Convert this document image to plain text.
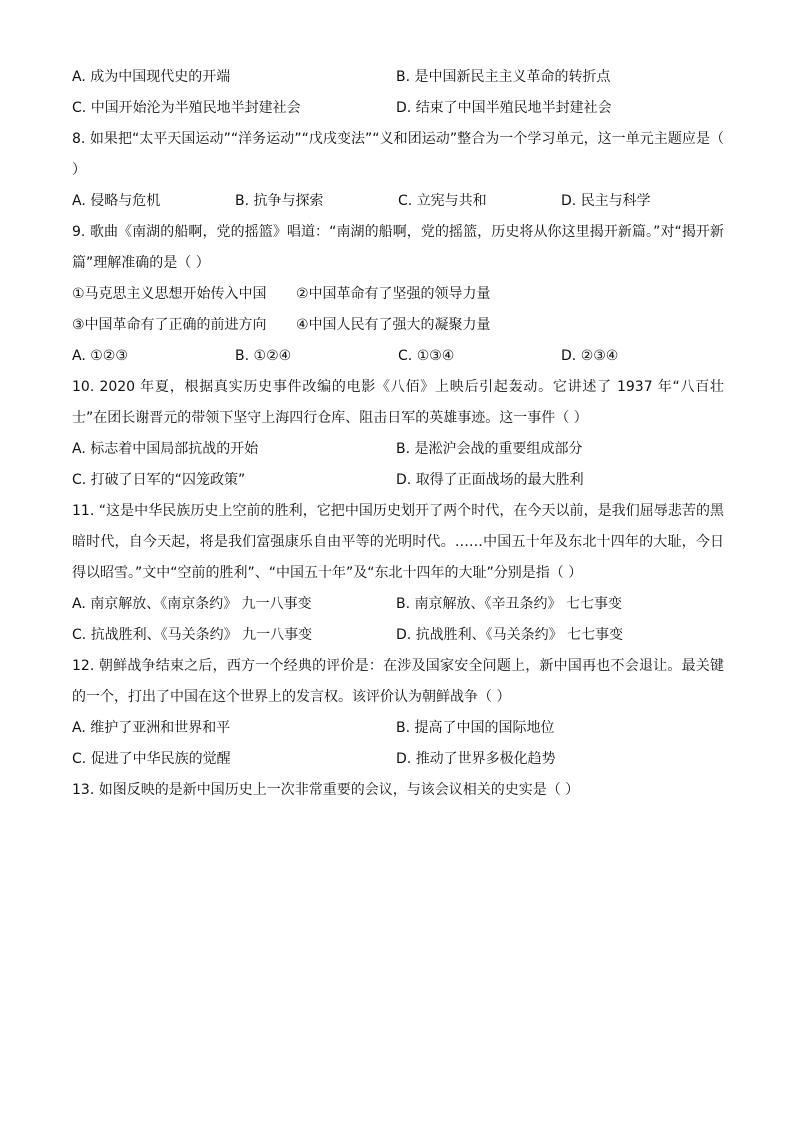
A. 成为中国现代史的开端	B. 是中国新民主主义革命的转折点
C. 中国开始沦为半殖民地半封建社会	D. 结束了中国半殖民地半封建社会

8. 如果把“太平天国运动”“洋务运动”“戊戌变法”“义和团运动”整合为一个学习单元，这一单元主题应是（ ）

A. 侵略与危机	B. 抗争与探索	C. 立宪与共和	D. 民主与科学

9. 歌曲《南湖的船啊，党的摇篮》唱道：“南湖的船啊，党的摇篮，历史将从你这里揭开新篇。”对“揭开新篇”理解准确的是（ ）

①马克思主义思想开始传入中国	②中国革命有了坚强的领导力量
③中国革命有了正确的前进方向	④中国人民有了强大的凝聚力量
A. ①②③	B. ①②④	C. ①③④	D. ②③④

10. 2020 年夏，根据真实历史事件改编的电影《八佰》上映后引起轰动。它讲述了 1937 年“八百壮士”在团长谢晋元的带领下坚守上海四行仓库、阻击日军的英雄事迹。这一事件（ ）

A. 标志着中国局部抗战的开始	B. 是淞沪会战的重要组成部分
C. 打破了日军的“囚笼政策”	D. 取得了正面战场的最大胜利

11. “这是中华民族历史上空前的胜利，它把中国历史划开了两个时代，在今天以前，是我们屈辱悲苦的黑暗时代，自今天起，将是我们富强康乐自由平等的光明时代。……中国五十年及东北十四年的大耻，今日得以昭雪。”文中“空前的胜利”、“中国五十年”及“东北十四年的大耻”分别是指（ ）

A. 南京解放、《南京条约》 九一八事变	B. 南京解放、《辛丑条约》 七七事变
C. 抗战胜利、《马关条约》 九一八事变	D. 抗战胜利、《马关条约》 七七事变

12. 朝鲜战争结束之后，西方一个经典的评价是：在涉及国家安全问题上，新中国再也不会退让。最关键的一个，打出了中国在这个世界上的发言权。该评价认为朝鲜战争（ ）

A. 维护了亚洲和世界和平	B. 提高了中国的国际地位
C. 促进了中华民族的觉醒	D. 推动了世界多极化趋势

13. 如图反映的是新中国历史上一次非常重要的会议，与该会议相关的史实是（ ）
